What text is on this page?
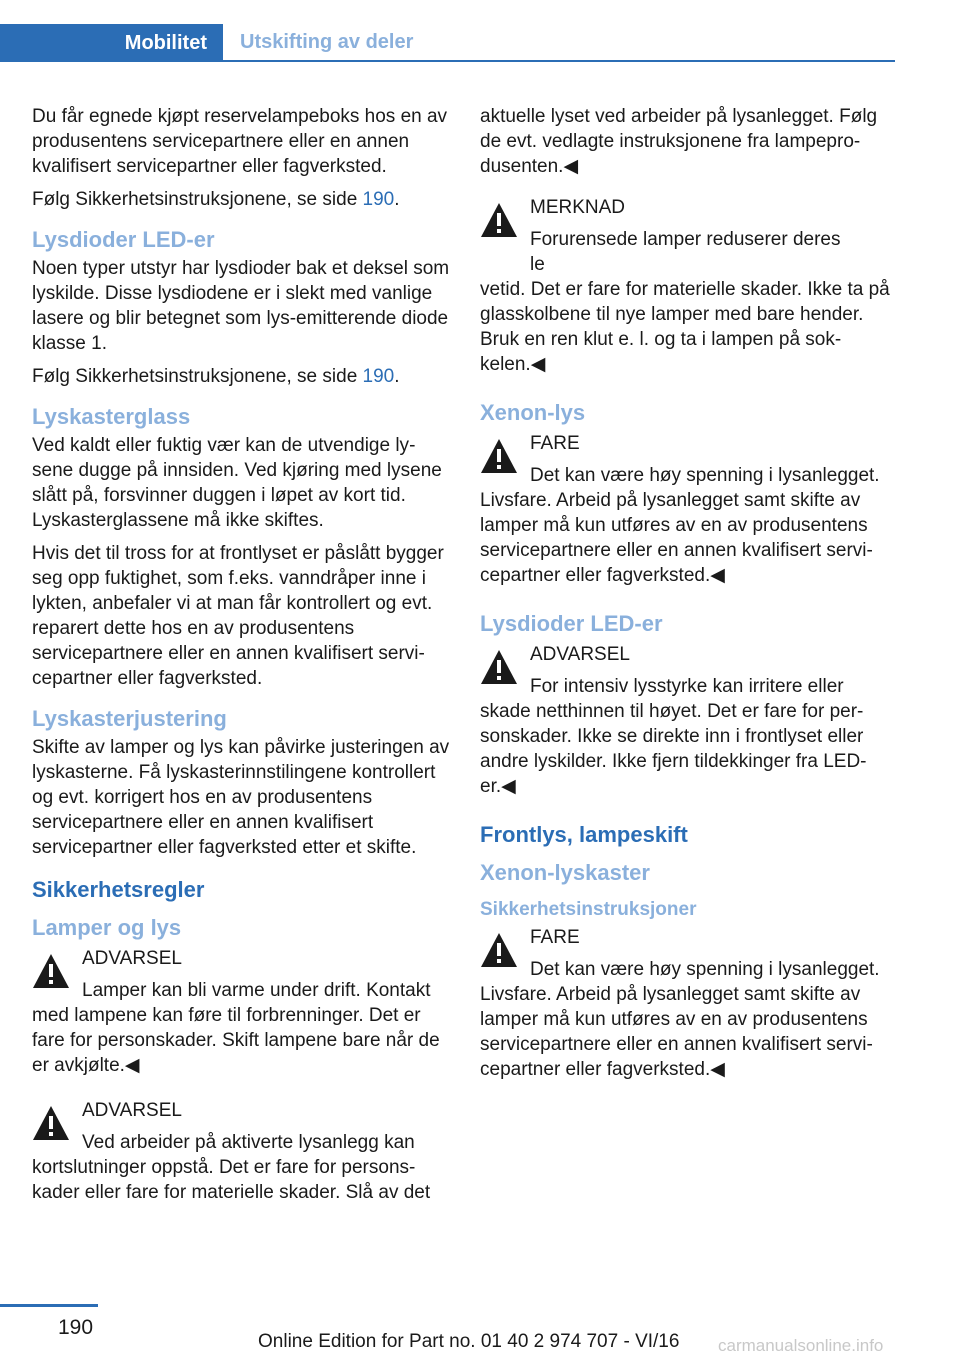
Mobilitet	Utskifting av deler

Du får egnede kjøpt reservelampeboks hos en av produsentens servicepartnere eller en annen kvalifisert servicepartner eller fagverksted.

Følg Sikkerhetsinstruksjonene, se side 190.

Lysdioder LED-er

Noen typer utstyr har lysdioder bak et deksel som lyskilde. Disse lysdiodene er i slekt med vanlige lasere og blir betegnet som lys-emitterende diode klasse 1.

Følg Sikkerhetsinstruksjonene, se side 190.

Lyskasterglass

Ved kaldt eller fuktig vær kan de utvendige lysene dugge på innsiden. Ved kjøring med lysene slått på, forsvinner duggen i løpet av kort tid. Lyskasterglassene må ikke skiftes.

Hvis det til tross for at frontlyset er påslått bygger seg opp fuktighet, som f.eks. vanndråper inne i lykten, anbefaler vi at man får kontrollert og evt. reparert dette hos en av produsentens servicepartnere eller en annen kvalifisert servicepartner eller fagverksted.

Lyskasterjustering

Skifte av lamper og lys kan påvirke justeringen av lyskasterne. Få lyskasterinnstilingene kontrollert og evt. korrigert hos en av produsentens servicepartnere eller en annen kvalifisert servicepartner eller fagverksted etter et skifte.

Sikkerhetsregler
Lamper og lys
ADVARSEL
Lamper kan bli varme under drift. Kontakt
med lampene kan føre til forbrenninger. Det er fare for personskader. Skift lampene bare når de er avkjølte.◀
ADVARSEL
Ved arbeider på aktiverte lysanlegg kan
kortslutninger oppstå. Det er fare for personskader eller fare for materielle skader. Slå av det

aktuelle lyset ved arbeider på lysanlegget. Følg de evt. vedlagte instruksjonene fra lampeprodusenten.◀

MERKNAD
Forurensede lamper reduserer deres le
vetid. Det er fare for materielle skader. Ikke ta på glasskolbene til nye lamper med bare hender. Bruk en ren klut e. l. og ta i lampen på sokkelen.◀
Xenon-lys
FARE
Det kan være høy spenning i lysanlegget.
Livsfare. Arbeid på lysanlegget samt skifte av lamper må kun utføres av en av produsentens servicepartnere eller en annen kvalifisert servicepartner eller fagverksted.◀
Lysdioder LED-er
ADVARSEL
For intensiv lysstyrke kan irritere eller
skade netthinnen til høyet. Det er fare for personskader. Ikke se direkte inn i frontlyset eller andre lyskilder. Ikke fjern tildekkinger fra LED-er.◀
Frontlys, lampeskift
Xenon-lyskaster
Sikkerhetsinstruksjoner
FARE
Det kan være høy spenning i lysanlegget.
Livsfare. Arbeid på lysanlegget samt skifte av lamper må kun utføres av en av produsentens servicepartnere eller en annen kvalifisert servicepartner eller fagverksted.◀
190
Online Edition for Part no. 01 40 2 974 707 - VI/16 carmanualsonline.info
